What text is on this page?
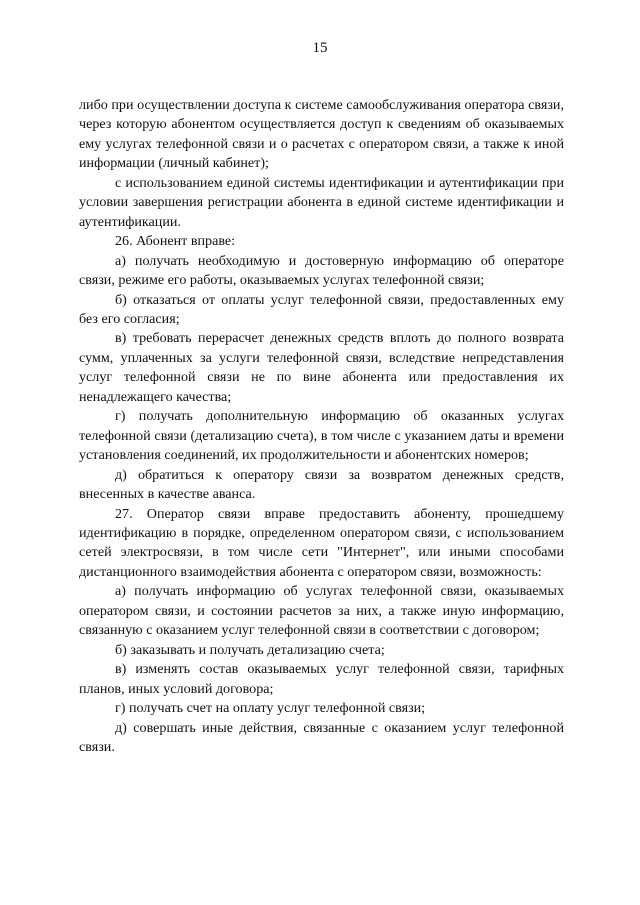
15

либо при осуществлении доступа к системе самообслуживания оператора связи, через которую абонентом осуществляется доступ к сведениям об оказываемых ему услугах телефонной связи и о расчетах с оператором связи, а также к иной информации (личный кабинет);

с использованием единой системы идентификации и аутентификации при условии завершения регистрации абонента в единой системе идентификации и аутентификации.

26. Абонент вправе:

а) получать необходимую и достоверную информацию об операторе связи, режиме его работы, оказываемых услугах телефонной связи;

б) отказаться от оплаты услуг телефонной связи, предоставленных ему без его согласия;

в) требовать перерасчет денежных средств вплоть до полного возврата сумм, уплаченных за услуги телефонной связи, вследствие непредставления услуг телефонной связи не по вине абонента или предоставления их ненадлежащего качества;

г) получать дополнительную информацию об оказанных услугах телефонной связи (детализацию счета), в том числе с указанием даты и времени установления соединений, их продолжительности и абонентских номеров;

д) обратиться к оператору связи за возвратом денежных средств, внесенных в качестве аванса.

27. Оператор связи вправе предоставить абоненту, прошедшему идентификацию в порядке, определенном оператором связи, с использованием сетей электросвязи, в том числе сети "Интернет", или иными способами дистанционного взаимодействия абонента с оператором связи, возможность:

а) получать информацию об услугах телефонной связи, оказываемых оператором связи, и состоянии расчетов за них, а также иную информацию, связанную с оказанием услуг телефонной связи в соответствии с договором;

б) заказывать и получать детализацию счета;

в) изменять состав оказываемых услуг телефонной связи, тарифных планов, иных условий договора;

г) получать счет на оплату услуг телефонной связи;

д) совершать иные действия, связанные с оказанием услуг телефонной связи.
